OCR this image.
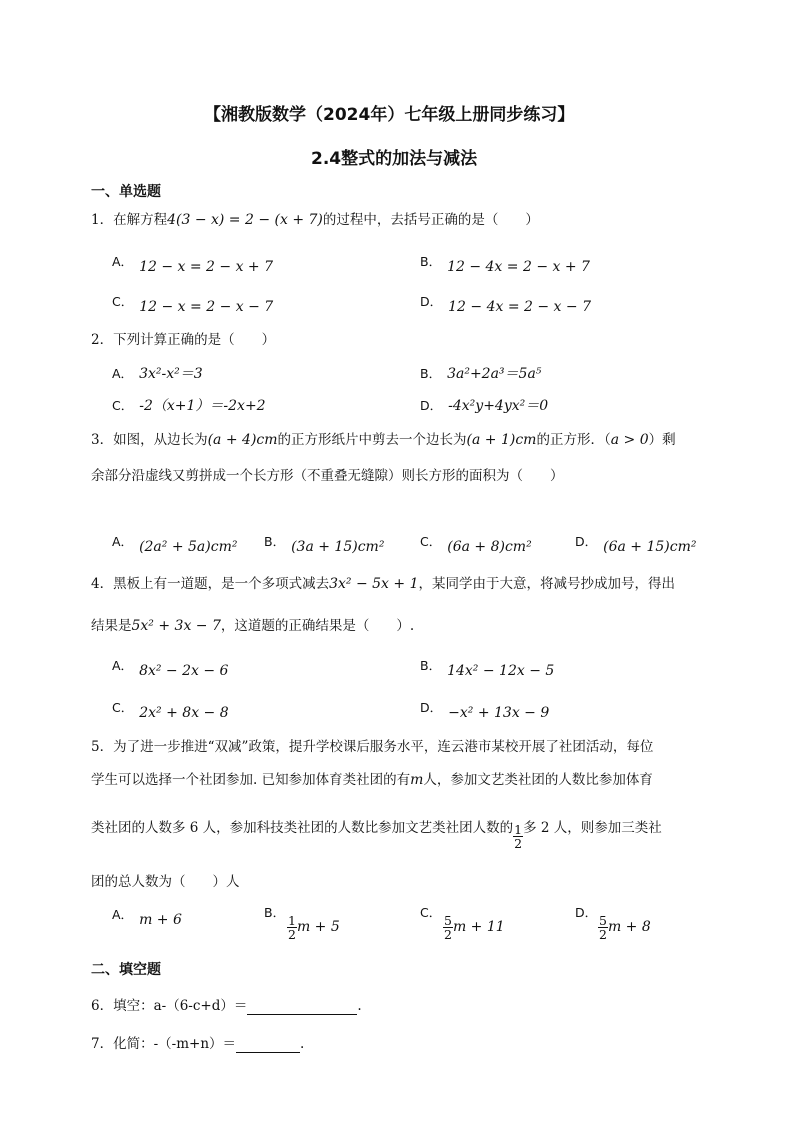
【湘教版数学（2024年）七年级上册同步练习】
2.4整式的加法与减法
一、单选题
1．在解方程4(3 − x) = 2 − (x + 7)的过程中，去括号正确的是（　　）
A． 12 − x = 2 − x + 7	B． 12 − 4x = 2 − x + 7
C． 12 − x = 2 − x − 7	D． 12 − 4x = 2 − x − 7
2．下列计算正确的是（　　）
A． 3x²-x²＝3	B． 3a²+2a³＝5a⁵
C． -2（x+1）＝-2x+2	D． -4x²y+4yx²＝0
3．如图，从边长为(a + 4)cm的正方形纸片中剪去一个边长为(a + 1)cm的正方形．（a > 0）剩
余部分沿虚线又剪拼成一个长方形（不重叠无缝隙）则长方形的面积为（　　）
A． (2a² + 5a)cm² B． (3a + 15)cm²	C． (6a + 8)cm²	D． (6a + 15)cm²
4．黑板上有一道题，是一个多项式减去3x² − 5x + 1，某同学由于大意，将减号抄成加号，得出
结果是5x² + 3x − 7，这道题的正确结果是（　　）.
A． 8x² − 2x − 6	B． 14x² − 12x − 5
C． 2x² + 8x − 8	D． −x² + 13x − 9
5．为了进一步推进“双减”政策，提升学校课后服务水平，连云港市某校开展了社团活动，每位
学生可以选择一个社团参加. 已知参加体育类社团的有m人，参加文艺类社团的人数比参加体育
类社团的人数多 6 人，参加科技类社团的人数比参加文艺类社团人数的 $\frac{1}{2}$ 多 2 人，则参加三类社
团的总人数为（　　）人
A． m + 6	B．
$\frac{1}{2}$ m + 5
C．
$\frac{5}{2}$ m + 11
D．
$\frac{5}{2}$ m + 8
二、填空题
6．填空：a-（6-c+d）＝	.
7．化简：-（-m+n）＝	.
